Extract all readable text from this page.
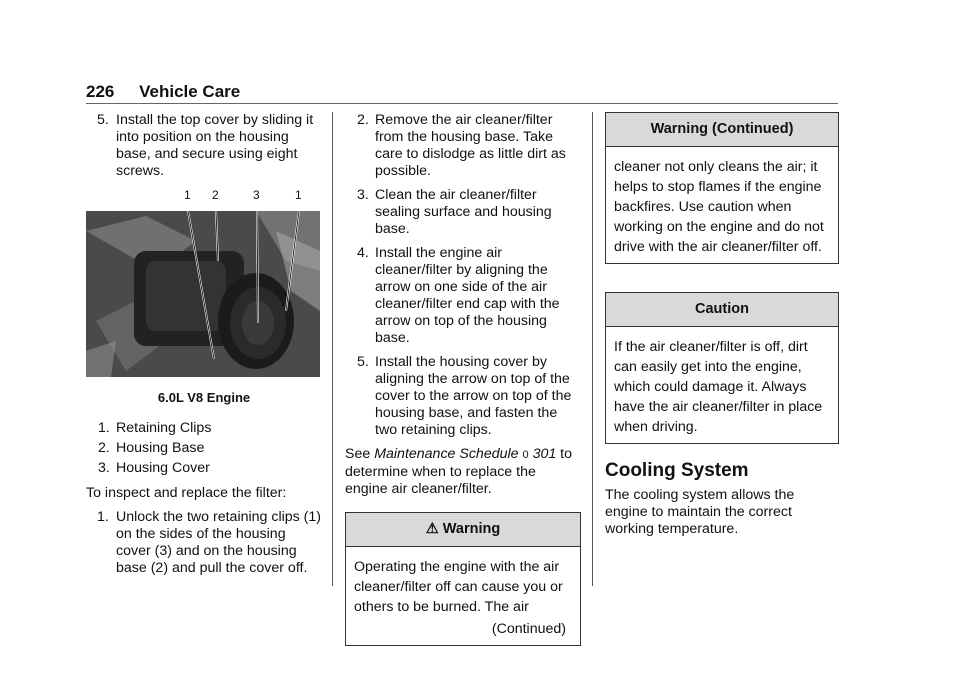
226 Vehicle Care
5. Install the top cover by sliding it into position on the housing base, and secure using eight screws.
1 2	3	1
6.0L V8 Engine
1. Retaining Clips
2. Housing Base
3. Housing Cover

To inspect and replace the filter:

1. Unlock the two retaining clips (1) on the sides of the housing cover (3) and on the housing base (2) and pull the cover off.
2. Remove the air cleaner/filter from the housing base. Take care to dislodge as little dirt as possible.
3. Clean the air cleaner/filter sealing surface and housing base.
4. Install the engine air cleaner/filter by aligning the arrow on one side of the air cleaner/filter end cap with the arrow on top of the housing base.
5. Install the housing cover by aligning the arrow on top of the cover to the arrow on top of the housing base, and fasten the two retaining clips.

See Maintenance Schedule 0 301 to determine when to replace the engine air cleaner/filter.

⚠ Warning
Operating the engine with the air cleaner/filter off can cause you or others to be burned. The air
(Continued)
Warning (Continued)
cleaner not only cleans the air; it helps to stop flames if the engine backfires. Use caution when working on the engine and do not drive with the air cleaner/filter off.
Caution
If the air cleaner/filter is off, dirt can easily get into the engine, which could damage it. Always have the air cleaner/filter in place when driving.
Cooling System

The cooling system allows the engine to maintain the correct working temperature.
